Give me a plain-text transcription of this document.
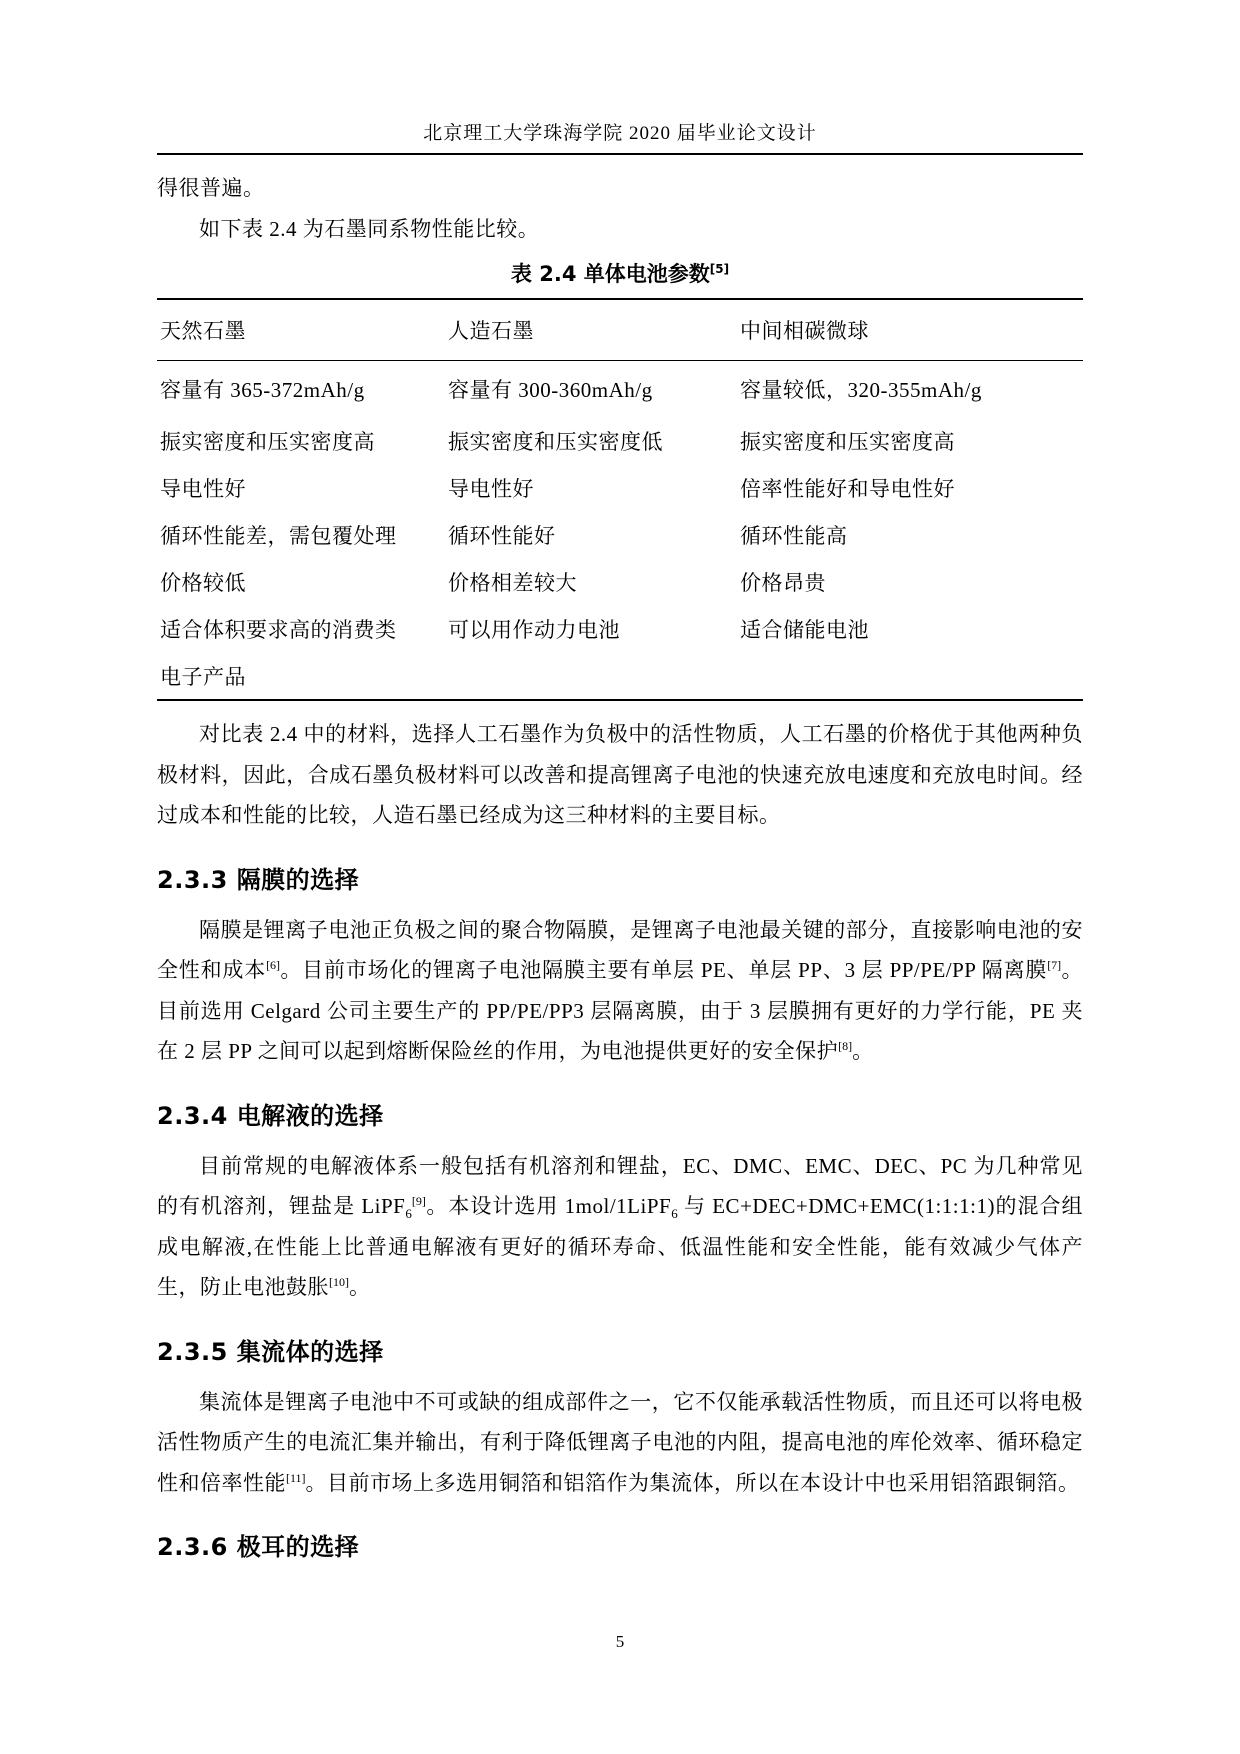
北京理工大学珠海学院 2020 届毕业论文设计

得很普遍。

如下表 2.4 为石墨同系物性能比较。

表 2.4 单体电池参数[5]
天然石墨	人造石墨	中间相碳微球
容量有 365-372mAh/g	容量有 300-360mAh/g	容量较低，320-355mAh/g
振实密度和压实密度高	振实密度和压实密度低	振实密度和压实密度高
导电性好	导电性好	倍率性能好和导电性好
循环性能差，需包覆处理	循环性能好	循环性能高
价格较低	价格相差较大	价格昂贵
适合体积要求高的消费类	可以用作动力电池	适合储能电池
电子产品

对比表 2.4 中的材料，选择人工石墨作为负极中的活性物质，人工石墨的价格优于其他两种负极材料，因此，合成石墨负极材料可以改善和提高锂离子电池的快速充放电速度和充放电时间。经过成本和性能的比较，人造石墨已经成为这三种材料的主要目标。

2.3.3 隔膜的选择

隔膜是锂离子电池正负极之间的聚合物隔膜，是锂离子电池最关键的部分，直接影响电池的安全性和成本[6]。目前市场化的锂离子电池隔膜主要有单层 PE、单层 PP、3 层 PP/PE/PP 隔离膜[7]。目前选用 Celgard 公司主要生产的 PP/PE/PP3 层隔离膜，由于 3 层膜拥有更好的力学行能，PE 夹在 2 层 PP 之间可以起到熔断保险丝的作用，为电池提供更好的安全保护[8]。

2.3.4 电解液的选择

目前常规的电解液体系一般包括有机溶剂和锂盐，EC、DMC、EMC、DEC、PC 为几种常见的有机溶剂，锂盐是 LiPF$_6$[9]。本设计选用 1mol/1LiPF$_6$ 与 EC+DEC+DMC+EMC(1:1:1:1)的混合组成电解液,在性能上比普通电解液有更好的循环寿命、低温性能和安全性能，能有效减少气体产生，防止电池鼓胀[10]。

2.3.5 集流体的选择

集流体是锂离子电池中不可或缺的组成部件之一，它不仅能承载活性物质，而且还可以将电极活性物质产生的电流汇集并输出，有利于降低锂离子电池的内阻，提高电池的库伦效率、循环稳定性和倍率性能[11]。目前市场上多选用铜箔和铝箔作为集流体，所以在本设计中也采用铝箔跟铜箔。

2.3.6 极耳的选择
5
